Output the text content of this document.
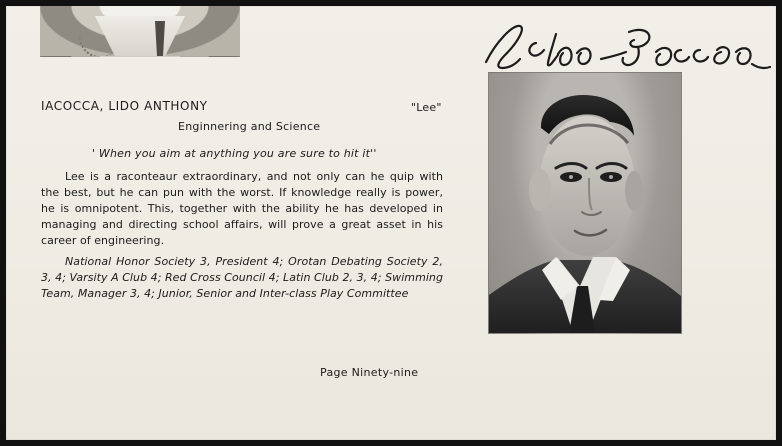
IACOCCA, LIDO ANTHONY	"Lee"
Enginnering and Science
' When you aim at anything you are sure to hit it''
Lee is a raconteaur extraordinary, and not only can he quip with the best, but he can pun with the worst. If knowledge really is power, he is omnipotent. This, together with the ability he has developed in managing and directing school affairs, will prove a great asset in his career of engineering.
National Honor Society 3, President 4; Orotan Debating Society 2, 3, 4; Varsity A Club 4; Red Cross Council 4; Latin Club 2, 3, 4; Swimming Team, Manager 3, 4; Junior, Senior and Inter-class Play Committee
Page Ninety-nine
